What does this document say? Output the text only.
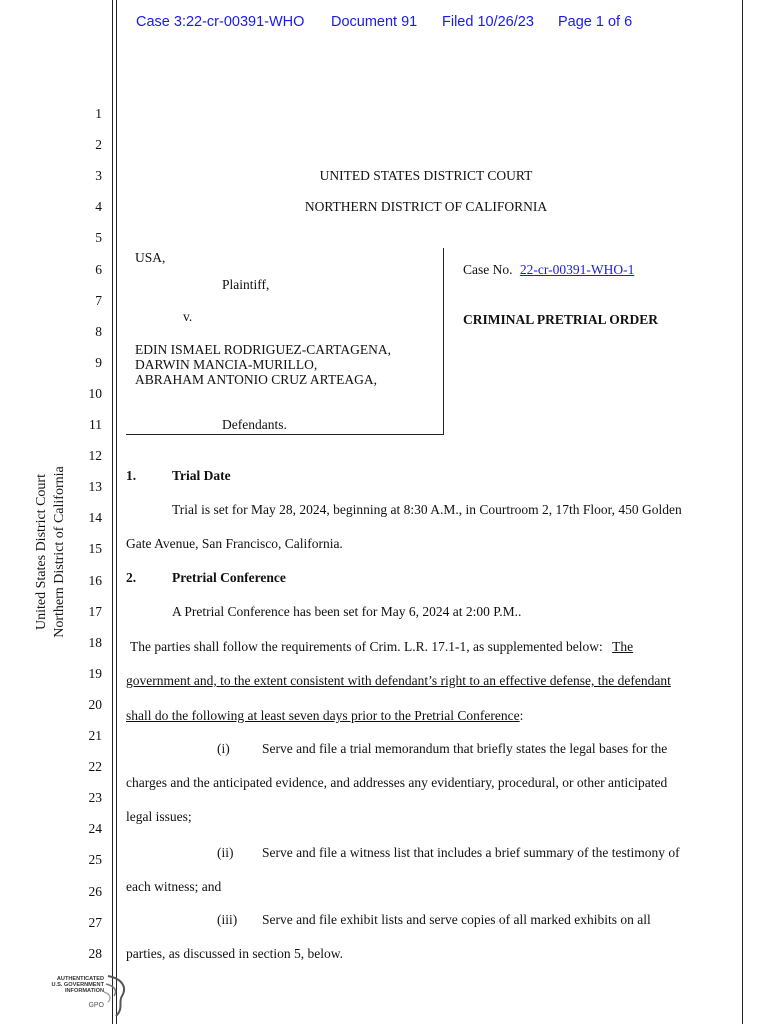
Case 3:22-cr-00391-WHO Document 91 Filed 10/26/23 Page 1 of 6
United States District Court Northern District of California
1
2
3
4
5
6
7
8
9
10
11
12
13
14
15
16
17
18
19
20
21
22
23
24
25
26
27
28
UNITED STATES DISTRICT COURT
NORTHERN DISTRICT OF CALIFORNIA
USA,
Plaintiff,
v.
EDIN ISMAEL RODRIGUEZ-CARTAGENA,
DARWIN MANCIA-MURILLO,
ABRAHAM ANTONIO CRUZ ARTEAGA,
Defendants.
Case No. 22-cr-00391-WHO-1
CRIMINAL PRETRIAL ORDER
1.	Trial Date
Trial is set for May 28, 2024, beginning at 8:30 A.M., in Courtroom 2, 17th Floor, 450 Golden
Gate Avenue, San Francisco, California.
2.	Pretrial Conference
A Pretrial Conference has been set for May 6, 2024 at 2:00 P.M..
The parties shall follow the requirements of Crim. L.R. 17.1-1, as supplemented below: The
government and, to the extent consistent with defendant’s right to an effective defense, the defendant
shall do the following at least seven days prior to the Pretrial Conference:
(i) Serve and file a trial memorandum that briefly states the legal bases for the
charges and the anticipated evidence, and addresses any evidentiary, procedural, or other anticipated
legal issues;
(ii) Serve and file a witness list that includes a brief summary of the testimony of
each witness; and
(iii) Serve and file exhibit lists and serve copies of all marked exhibits on all
parties, as discussed in section 5, below.
AUTHENTICATED
U.S. GOVERNMENT
INFORMATION
GPO
